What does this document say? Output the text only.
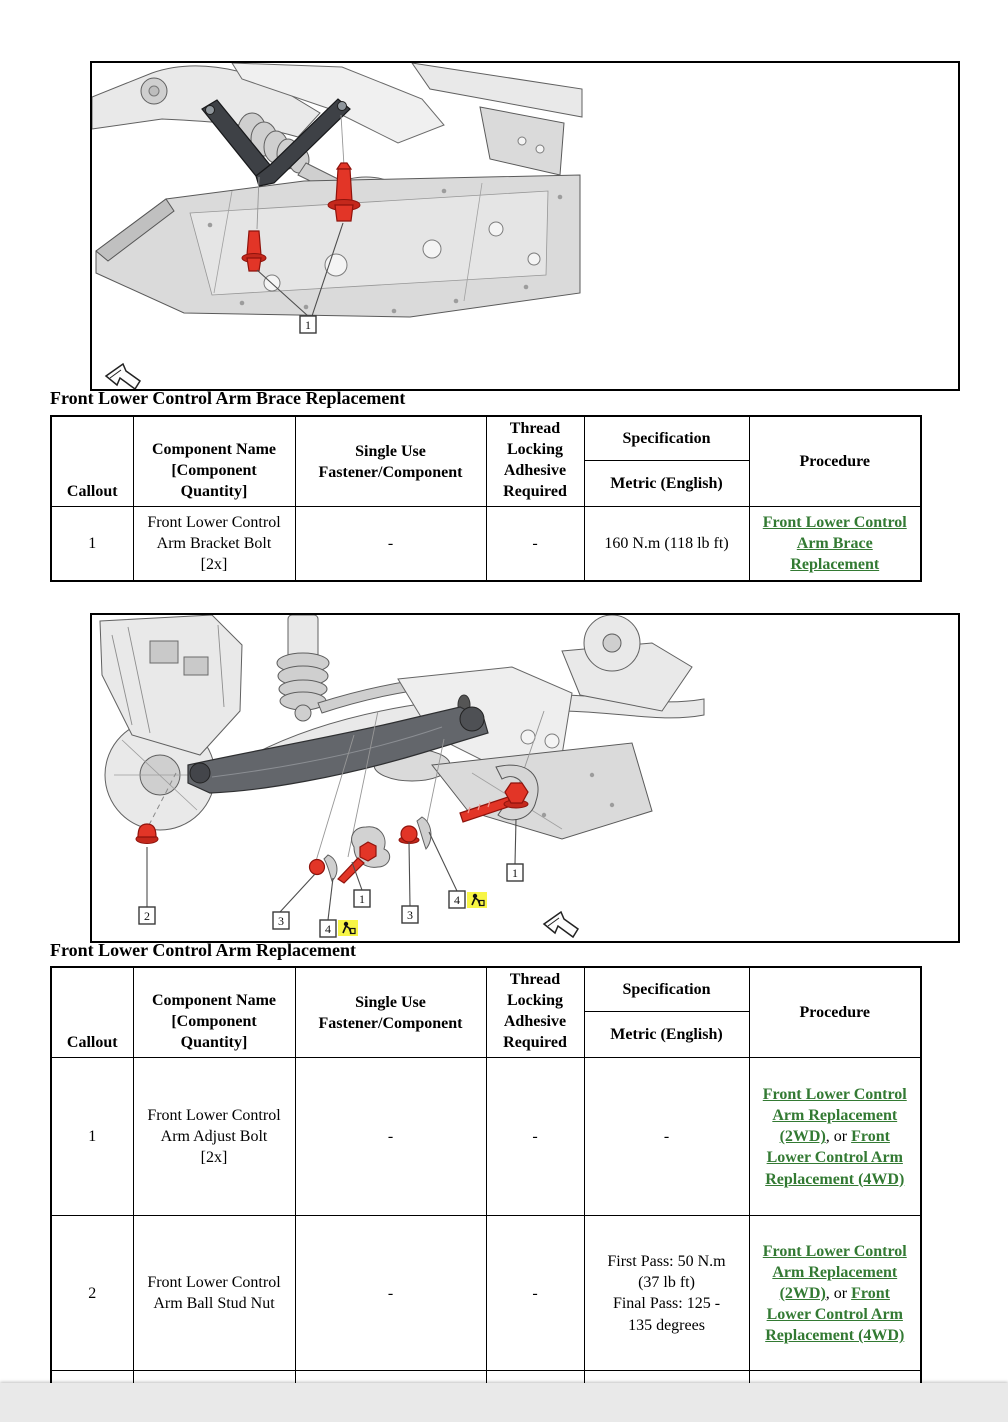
1
Front Lower Control Arm Brace Replacement
Callout	Component Name [Component Quantity]	Single Use Fastener/Component	Thread Locking Adhesive Required	Specification	Procedure
				Metric (English)	
1	Front Lower Control Arm Bracket Bolt [2x]	-	-	160 N.m (118 lb ft)	Front Lower Control Arm Brace Replacement
2	3
4
1
3
4
1
Front Lower Control Arm Replacement
Callout	Component Name [Component Quantity]	Single Use Fastener/Component	Thread Locking Adhesive Required	Specification	Procedure
				Metric (English)	
1	Front Lower Control Arm Adjust Bolt [2x]	-	-	-	Front Lower Control Arm Replacement (2WD), or Front Lower Control Arm Replacement (4WD)
2	Front Lower Control Arm Ball Stud Nut	-	-	First Pass: 50 N.m
(37 lb ft)
Final Pass: 125 -
135 degrees	Front Lower Control Arm Replacement (2WD), or Front Lower Control Arm Replacement (4WD)
